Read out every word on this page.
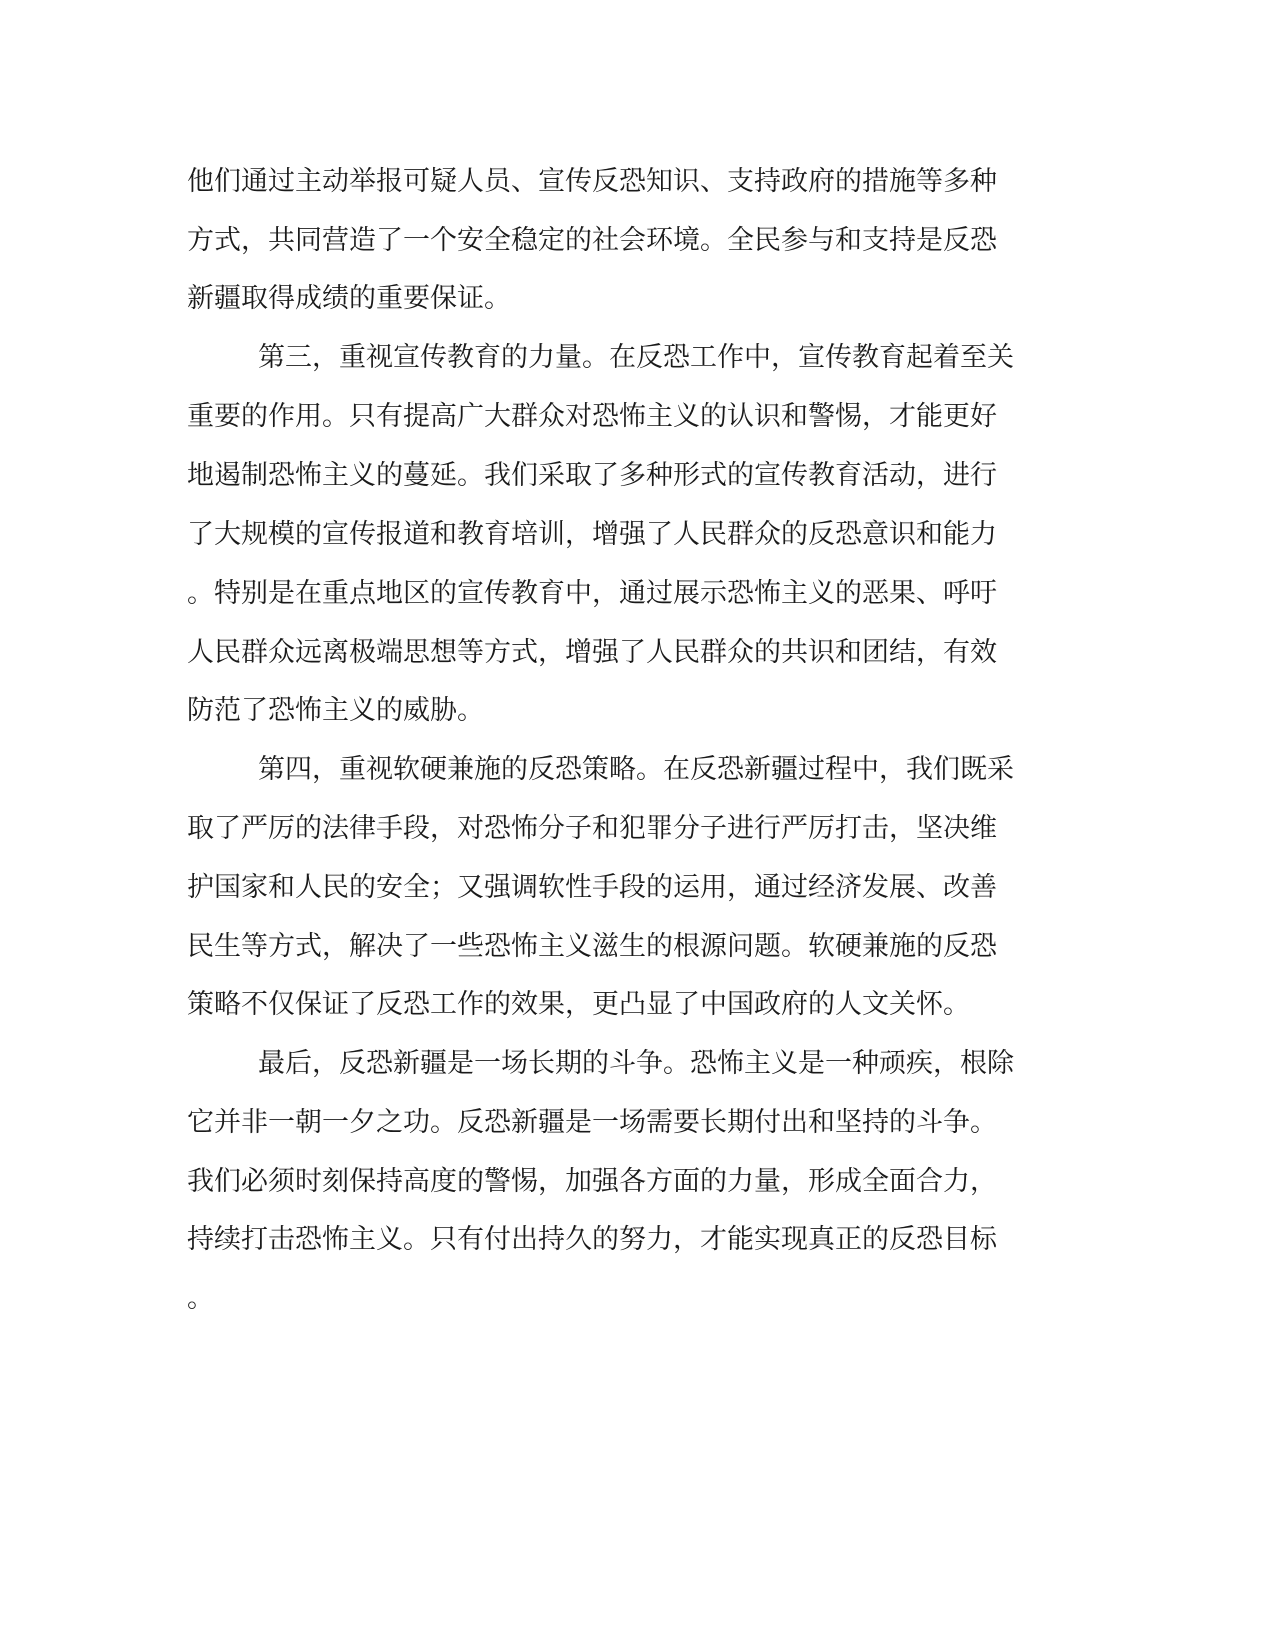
他们通过主动举报可疑人员、宣传反恐知识、支持政府的措施等多种
方式，共同营造了一个安全稳定的社会环境。全民参与和支持是反恐
新疆取得成绩的重要保证。
第三，重视宣传教育的力量。在反恐工作中，宣传教育起着至关
重要的作用。只有提高广大群众对恐怖主义的认识和警惕，才能更好
地遏制恐怖主义的蔓延。我们采取了多种形式的宣传教育活动，进行
了大规模的宣传报道和教育培训，增强了人民群众的反恐意识和能力
。特别是在重点地区的宣传教育中，通过展示恐怖主义的恶果、呼吁
人民群众远离极端思想等方式，增强了人民群众的共识和团结，有效
防范了恐怖主义的威胁。
第四，重视软硬兼施的反恐策略。在反恐新疆过程中，我们既采
取了严厉的法律手段，对恐怖分子和犯罪分子进行严厉打击，坚决维
护国家和人民的安全；又强调软性手段的运用，通过经济发展、改善
民生等方式，解决了一些恐怖主义滋生的根源问题。软硬兼施的反恐
策略不仅保证了反恐工作的效果，更凸显了中国政府的人文关怀。
最后，反恐新疆是一场长期的斗争。恐怖主义是一种顽疾，根除
它并非一朝一夕之功。反恐新疆是一场需要长期付出和坚持的斗争。
我们必须时刻保持高度的警惕，加强各方面的力量，形成全面合力，
持续打击恐怖主义。只有付出持久的努力，才能实现真正的反恐目标
。
